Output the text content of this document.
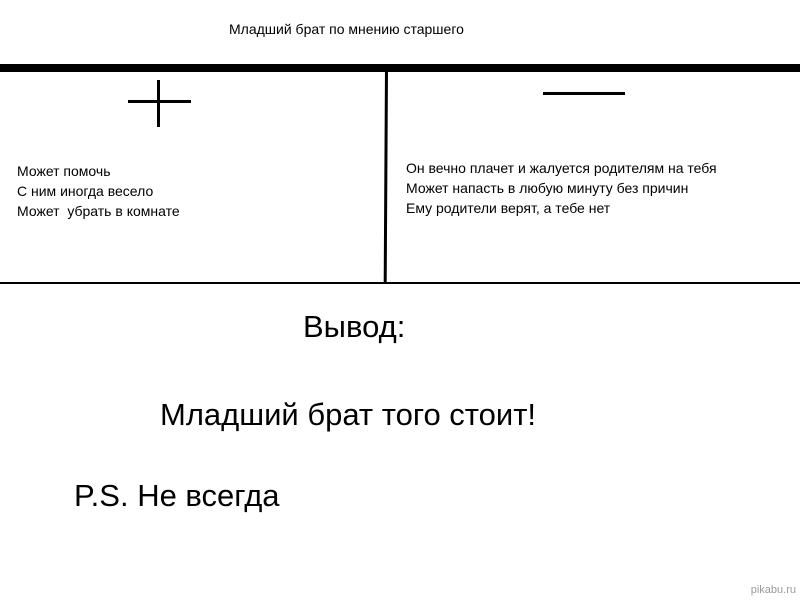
Младший брат по мнению старшего
Может помочь
С ним иногда весело
Может  убрать в комнате
Он вечно плачет и жалуется родителям на тебя
Может напасть в любую минуту без причин
Ему родители верят, а тебе нет
Вывод:
Младший брат того стоит!
P.S. Не всегда
pikabu.ru
